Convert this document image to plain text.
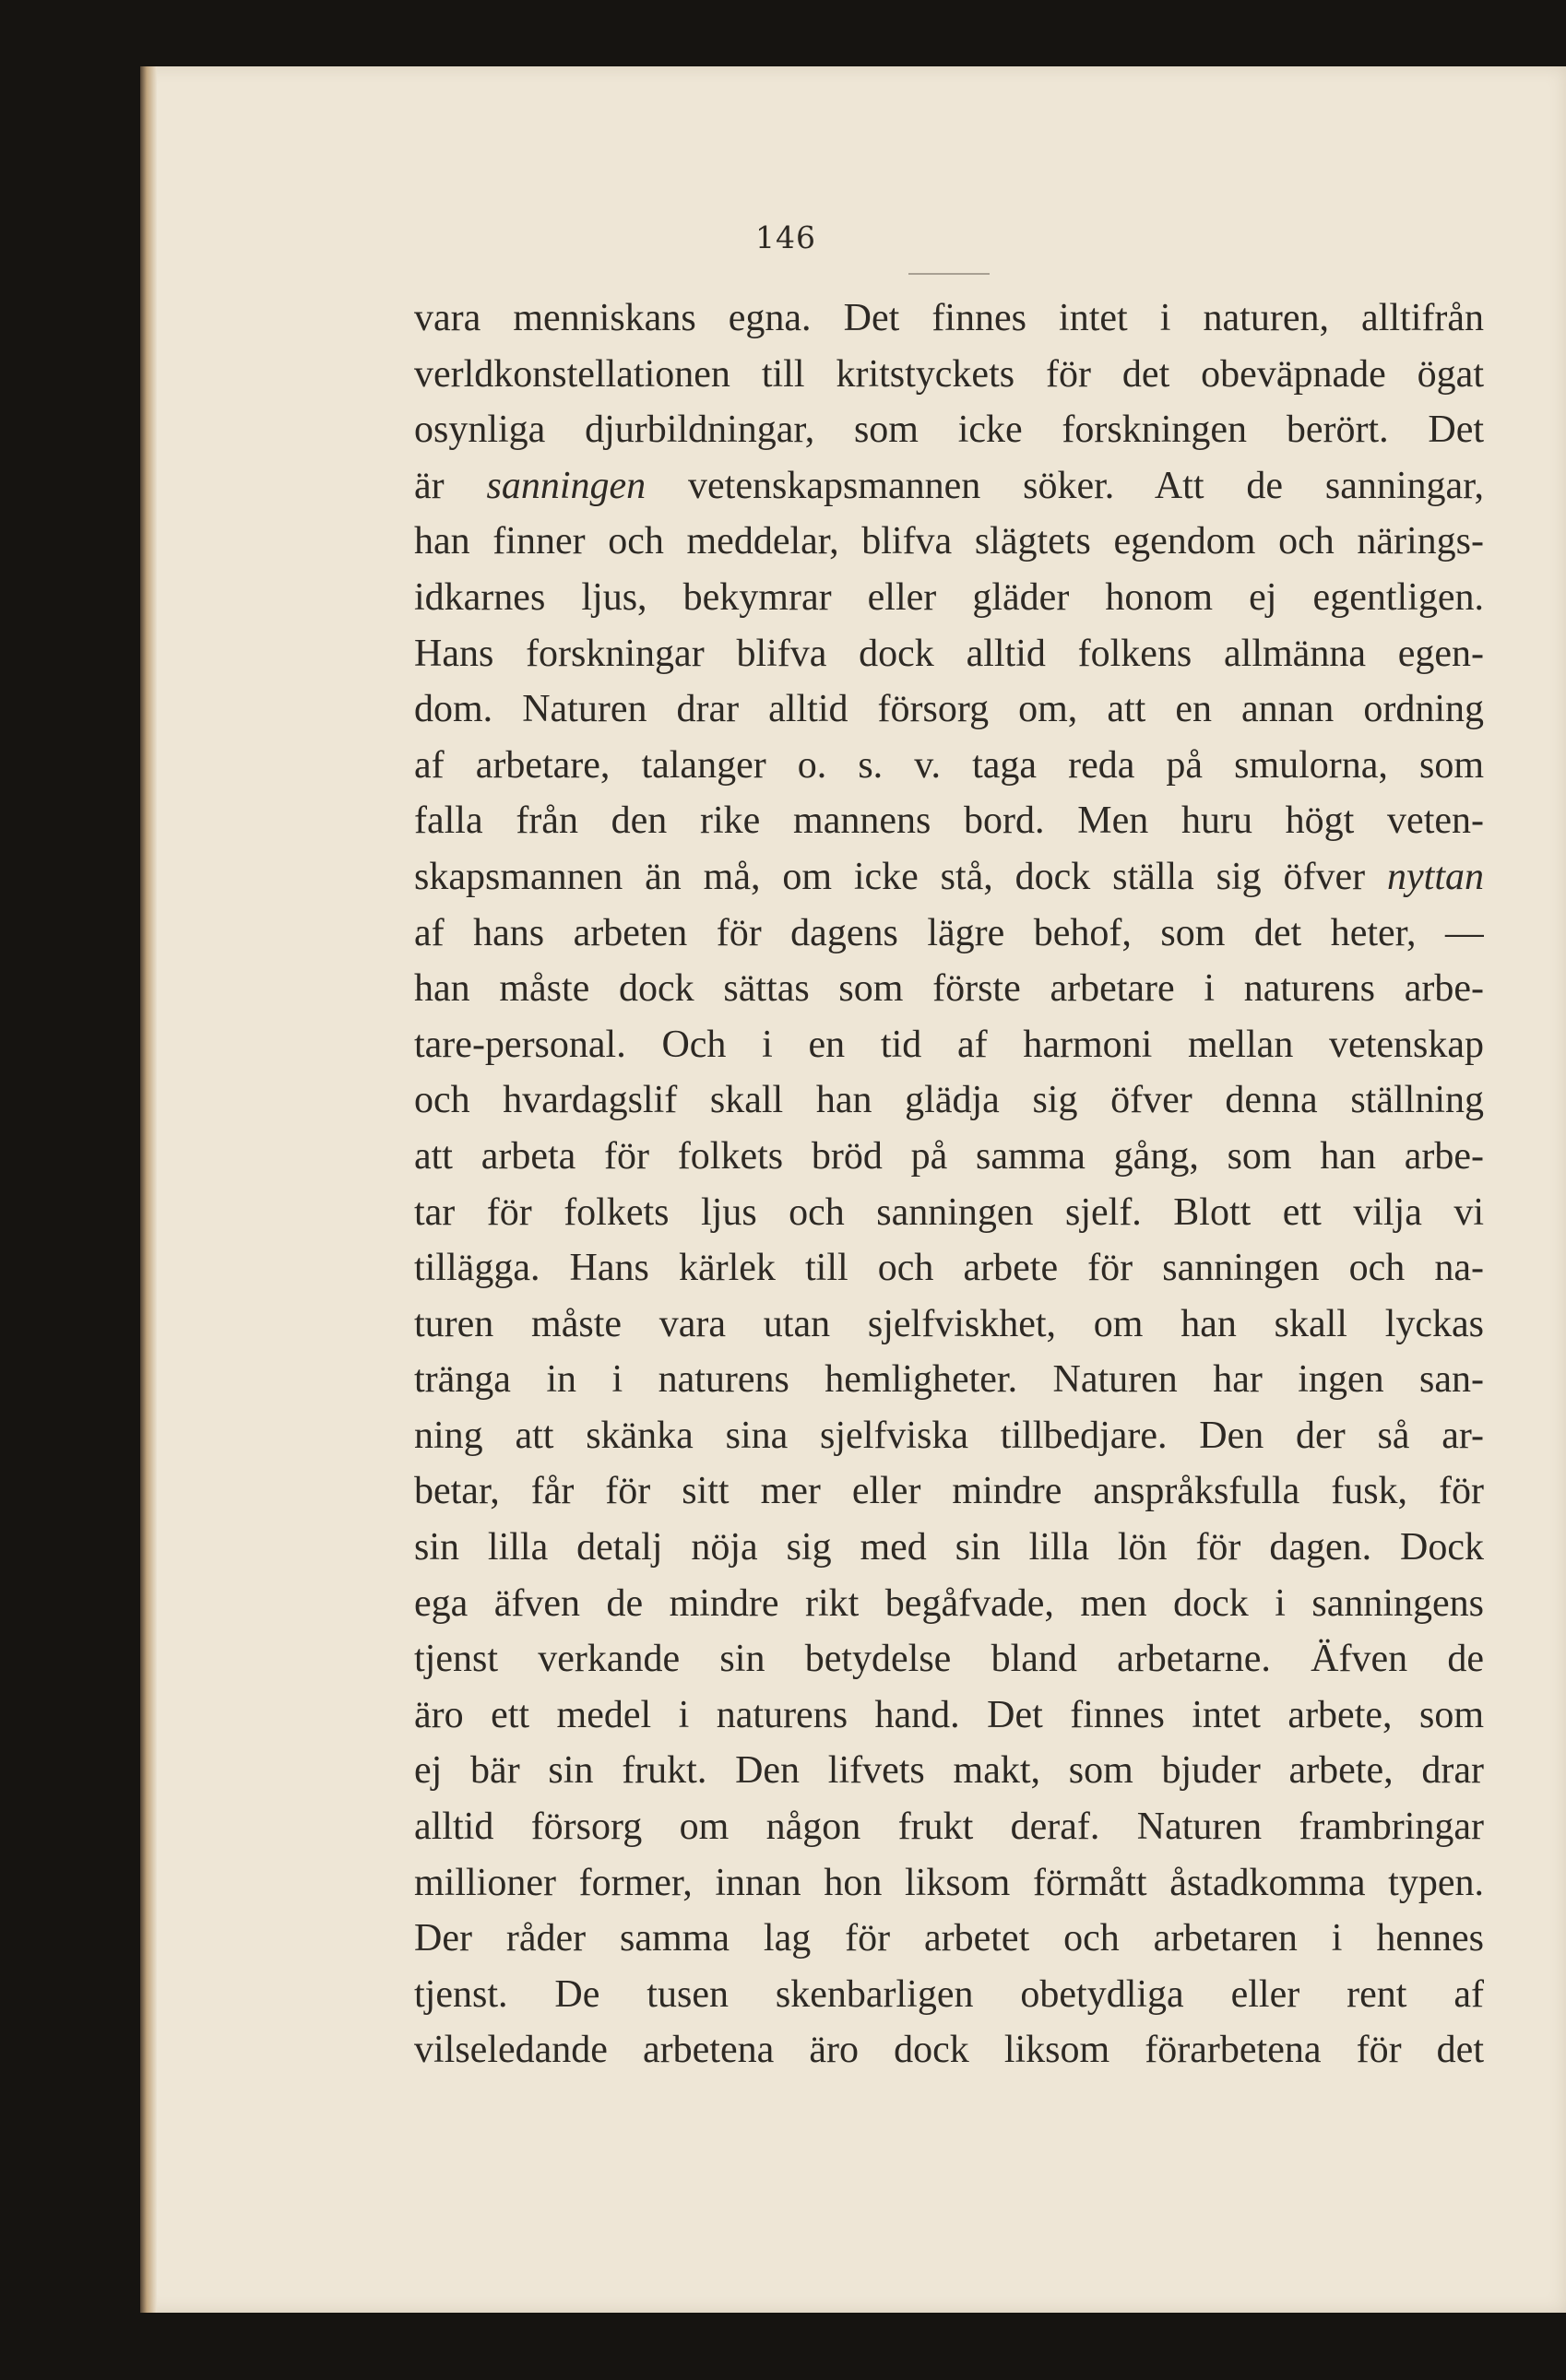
146
vara menniskans egna. Det finnes intet i naturen, alltifrån
verldkonstellationen till kritstyckets för det obeväpnade ögat
osynliga djurbildningar, som icke forskningen berört. Det
är sanningen vetenskapsmannen söker. Att de sanningar,
han finner och meddelar, blifva slägtets egendom och närings-
idkarnes ljus, bekymrar eller gläder honom ej egentligen.
Hans forskningar blifva dock alltid folkens allmänna egen-
dom. Naturen drar alltid försorg om, att en annan ordning
af arbetare, talanger o. s. v. taga reda på smulorna, som
falla från den rike mannens bord. Men huru högt veten-
skapsmannen än må, om icke stå, dock ställa sig öfver nyttan
af hans arbeten för dagens lägre behof, som det heter, —
han måste dock sättas som förste arbetare i naturens arbe-
tare-personal. Och i en tid af harmoni mellan vetenskap
och hvardagslif skall han glädja sig öfver denna ställning
att arbeta för folkets bröd på samma gång, som han arbe-
tar för folkets ljus och sanningen sjelf. Blott ett vilja vi
tillägga. Hans kärlek till och arbete för sanningen och na-
turen måste vara utan sjelfviskhet, om han skall lyckas
tränga in i naturens hemligheter. Naturen har ingen san-
ning att skänka sina sjelfviska tillbedjare. Den der så ar-
betar, får för sitt mer eller mindre anspråksfulla fusk, för
sin lilla detalj nöja sig med sin lilla lön för dagen. Dock
ega äfven de mindre rikt begåfvade, men dock i sanningens
tjenst verkande sin betydelse bland arbetarne. Äfven de
äro ett medel i naturens hand. Det finnes intet arbete, som
ej bär sin frukt. Den lifvets makt, som bjuder arbete, drar
alltid försorg om någon frukt deraf. Naturen frambringar
millioner former, innan hon liksom förmått åstadkomma typen.
Der råder samma lag för arbetet och arbetaren i hennes
tjenst. De tusen skenbarligen obetydliga eller rent af
vilseledande arbetena äro dock liksom förarbetena för det
